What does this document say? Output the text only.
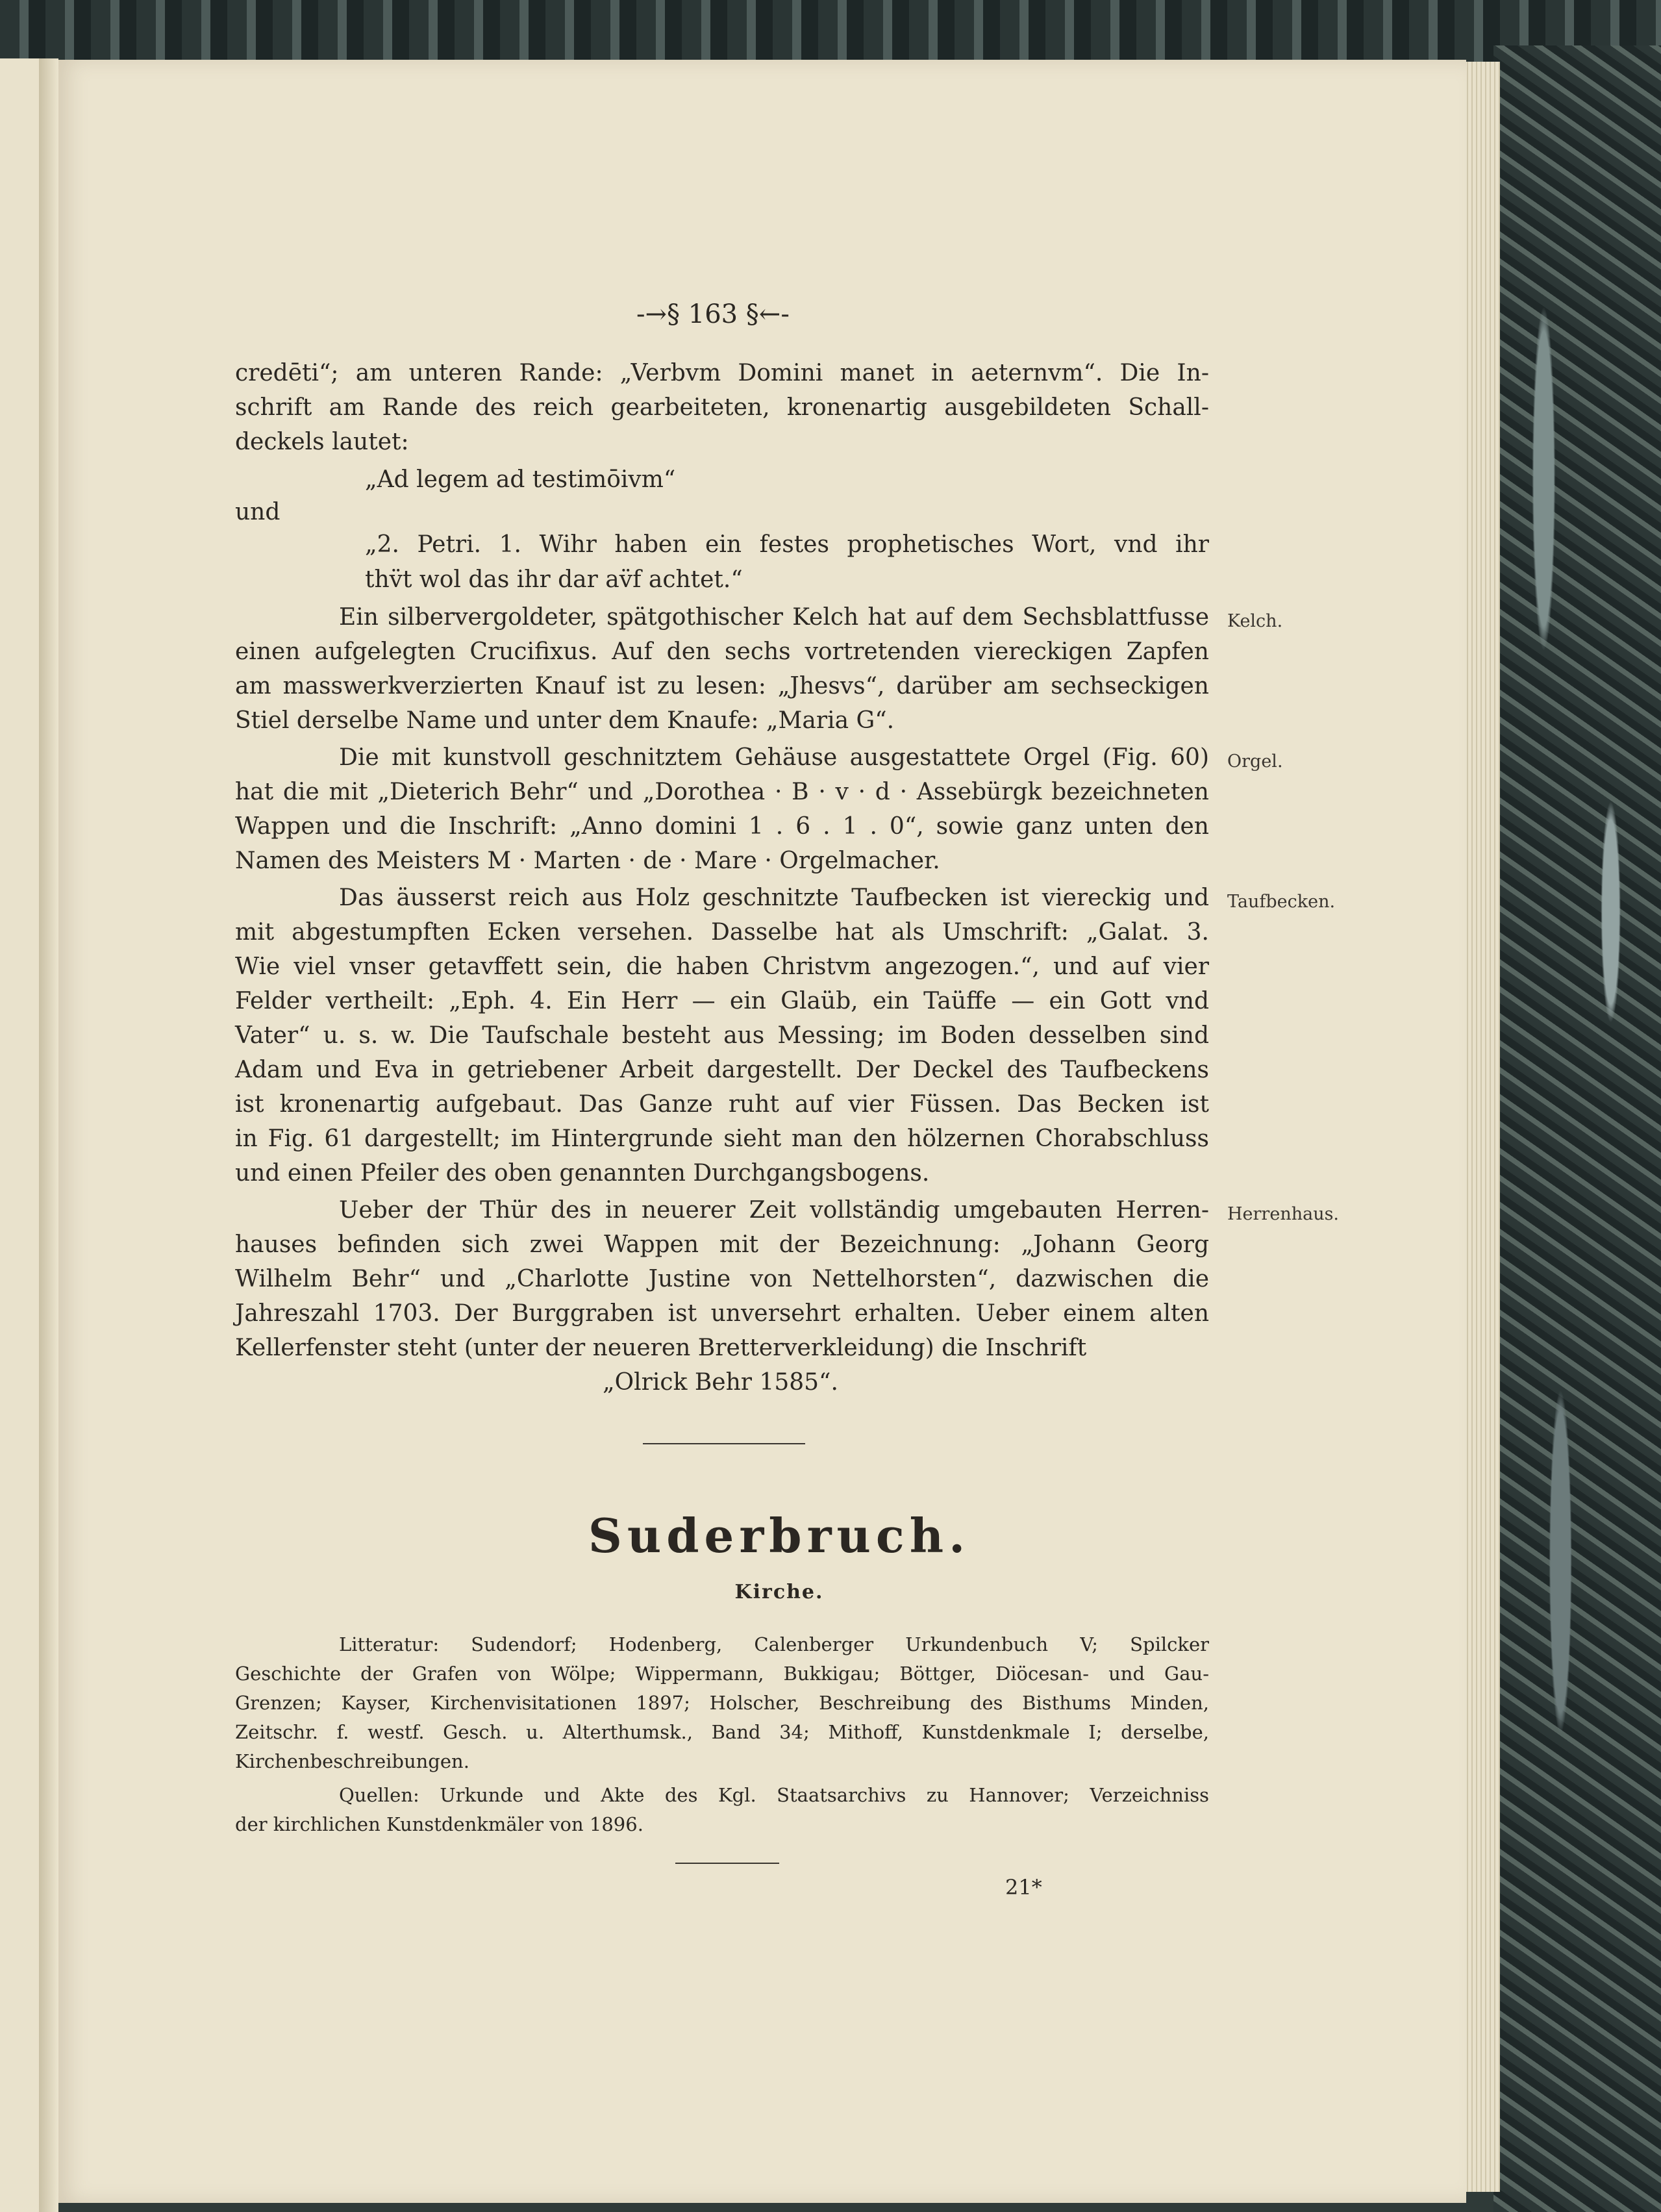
-→§ 163 §←-
credēti“; am unteren Rande: „Verbvm Domini manet in aeternvm“. Die In-
schrift am Rande des reich gearbeiteten, kronenartig ausgebildeten Schall-
deckels lautet:
„Ad legem ad testimōivm“
und
„2. Petri. 1. Wihr haben ein festes prophetisches Wort, vnd ihr
thv̈t wol das ihr dar av̈f achtet.“
Ein silbervergoldeter, spätgothischer Kelch hat auf dem Sechsblattfusse
einen aufgelegten Crucifixus. Auf den sechs vortretenden viereckigen Zapfen
am masswerkverzierten Knauf ist zu lesen: „Jhesvs“, darüber am sechseckigen
Stiel derselbe Name und unter dem Knaufe: „Maria G“.
Die mit kunstvoll geschnitztem Gehäuse ausgestattete Orgel (Fig. 60)
hat die mit „Dieterich Behr“ und „Dorothea · B · v · d · Assebürgk bezeichneten
Wappen und die Inschrift: „Anno domini 1 . 6 . 1 . 0“, sowie ganz unten den
Namen des Meisters M · Marten · de · Mare · Orgelmacher.
Das äusserst reich aus Holz geschnitzte Taufbecken ist viereckig und
mit abgestumpften Ecken versehen. Dasselbe hat als Umschrift: „Galat. 3.
Wie viel vnser getavffett sein, die haben Christvm angezogen.“, und auf vier
Felder vertheilt: „Eph. 4. Ein Herr — ein Glaüb, ein Taüffe — ein Gott vnd
Vater“ u. s. w. Die Taufschale besteht aus Messing; im Boden desselben sind
Adam und Eva in getriebener Arbeit dargestellt. Der Deckel des Taufbeckens
ist kronenartig aufgebaut. Das Ganze ruht auf vier Füssen. Das Becken ist
in Fig. 61 dargestellt; im Hintergrunde sieht man den hölzernen Chorabschluss
und einen Pfeiler des oben genannten Durchgangsbogens.
Ueber der Thür des in neuerer Zeit vollständig umgebauten Herren-
hauses befinden sich zwei Wappen mit der Bezeichnung: „Johann Georg
Wilhelm Behr“ und „Charlotte Justine von Nettelhorsten“, dazwischen die
Jahreszahl 1703. Der Burggraben ist unversehrt erhalten. Ueber einem alten
Kellerfenster steht (unter der neueren Bretterverkleidung) die Inschrift
„Olrick Behr 1585“.
Kelch.
Orgel.
Taufbecken.
Herrenhaus.
Suderbruch.
Kirche.
Litteratur: Sudendorf; Hodenberg, Calenberger Urkundenbuch V; Spilcker
Geschichte der Grafen von Wölpe; Wippermann, Bukkigau; Böttger, Diöcesan- und Gau-
Grenzen; Kayser, Kirchenvisitationen 1897; Holscher, Beschreibung des Bisthums Minden,
Zeitschr. f. westf. Gesch. u. Alterthumsk., Band 34; Mithoff, Kunstdenkmale I; derselbe,
Kirchenbeschreibungen.
Quellen: Urkunde und Akte des Kgl. Staatsarchivs zu Hannover; Verzeichniss
der kirchlichen Kunstdenkmäler von 1896.
21*
